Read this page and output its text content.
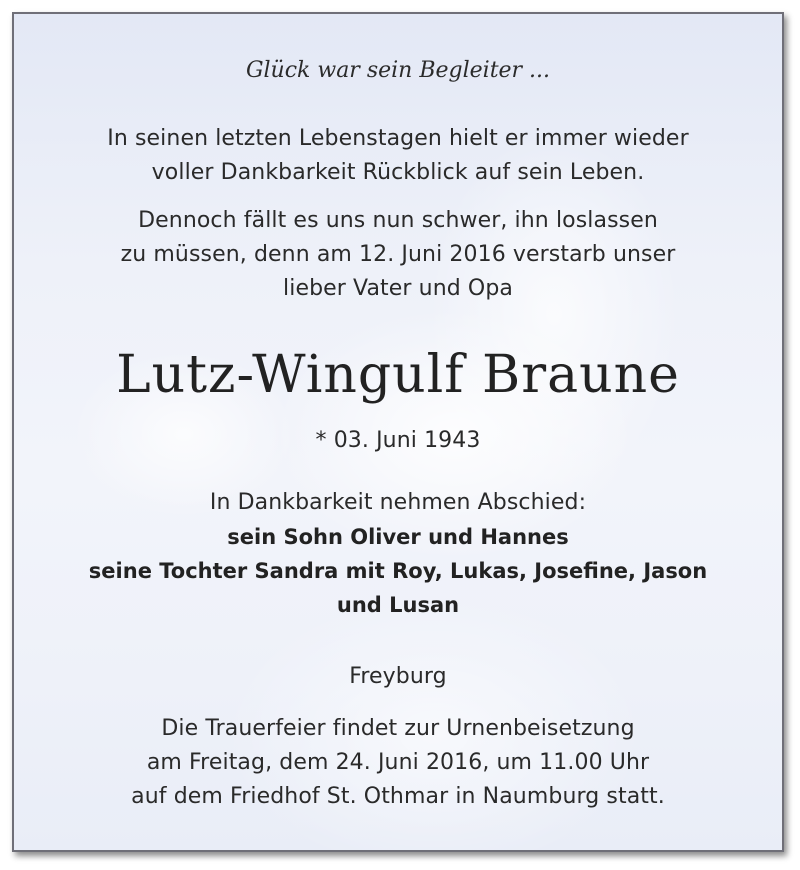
Glück war sein Begleiter ...
In seinen letzten Lebenstagen hielt er immer wieder
voller Dankbarkeit Rückblick auf sein Leben.
Dennoch fällt es uns nun schwer, ihn loslassen
zu müssen, denn am 12. Juni 2016 verstarb unser
lieber Vater und Opa
Lutz-Wingulf Braune
* 03. Juni 1943
In Dankbarkeit nehmen Abschied:
sein Sohn Oliver und Hannes
seine Tochter Sandra mit Roy, Lukas, Josefine, Jason
und Lusan
Freyburg
Die Trauerfeier findet zur Urnenbeisetzung
am Freitag, dem 24. Juni 2016, um 11.00 Uhr
auf dem Friedhof St. Othmar in Naumburg statt.
